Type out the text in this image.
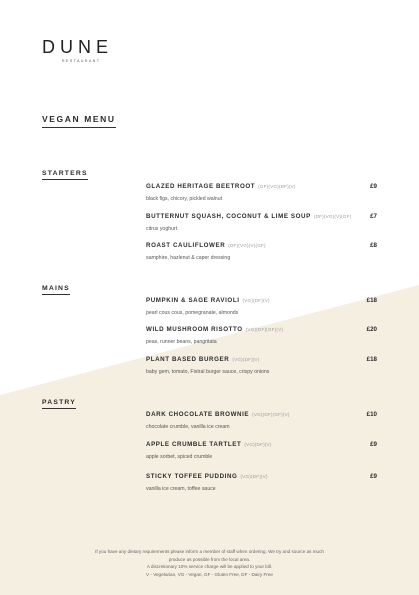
DUNE
RESTAURANT
VEGAN MENU
STARTERS
GLAZED HERITAGE BEETROOT (GF)(VG)(DF)(V)	£9
black figs, chicory, pickled walnut
BUTTERNUT SQUASH, COCONUT & LIME SOUP (DF)(VG)(V)(GF)	£7
citrus yoghurt
ROAST CAULIFLOWER (DF)(VG)(V)(GF)	£8
samphire, hazlenut & caper dressing
MAINS
PUMPKIN & SAGE RAVIOLI (VG)(DF)(V)	£18
pearl cous cous, pomegranate, almonds
WILD MUSHROOM RISOTTO (VG)(DF)(GF)(V)	£20
peas, runner beans, pangritata
PLANT BASED BURGER (VG)(DF)(V)	£18
baby gem, tomato, Fistral burger sauce, crispy onions
PASTRY
DARK CHOCOLATE BROWNIE (VG)(DF)(GF)(V)	£10
chocolate crumble, vanilla ice cream
APPLE CRUMBLE TARTLET (VG)(DF)(V)	£9
apple sorbet, spiced crumble
STICKY TOFFEE PUDDING (VG)(DF)(V)	£9
vanilla ice cream, toffee sauce
If you have any dietary requirements please inform a member of staff when ordering. We try and source as much
produce as possible from the local area.
A discretionary 10% service charge will be applied to your bill.
V - Vegetarian, VG - Vegan, GF - Gluten Free, DF - Dairy Free
